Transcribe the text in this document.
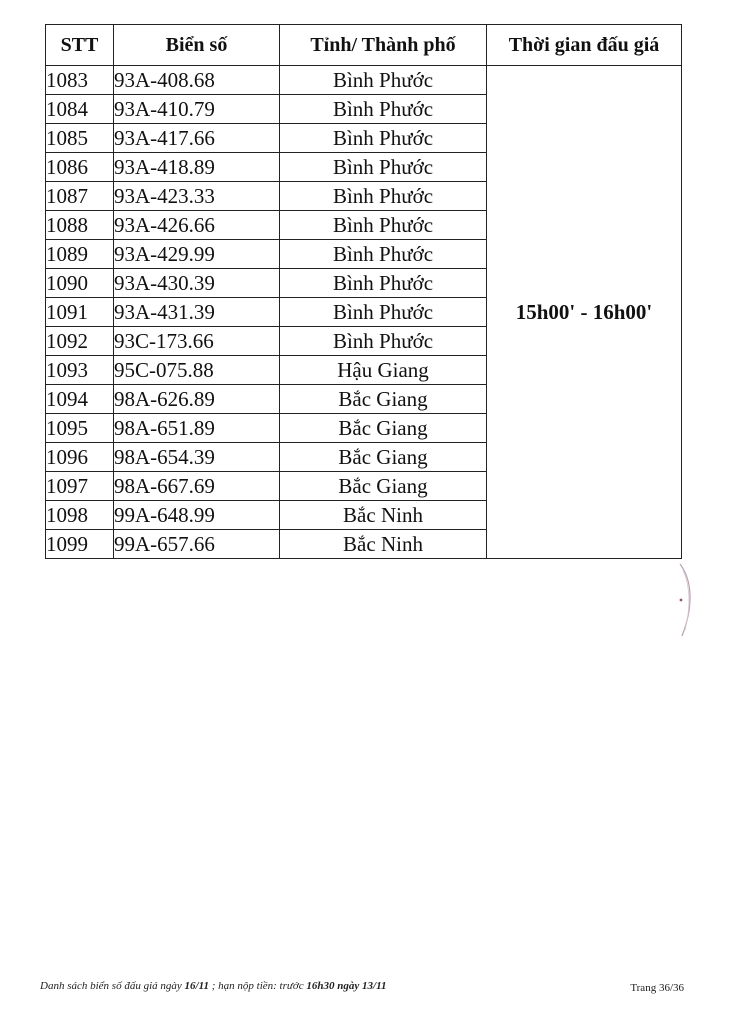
STT	Biển số	Tỉnh/ Thành phố	Thời gian đấu giá
1083	93A-408.68	Bình Phước	15h00' - 16h00'
1084	93A-410.79	Bình Phước	
1085	93A-417.66	Bình Phước	
1086	93A-418.89	Bình Phước	
1087	93A-423.33	Bình Phước	
1088	93A-426.66	Bình Phước	
1089	93A-429.99	Bình Phước	
1090	93A-430.39	Bình Phước	
1091	93A-431.39	Bình Phước	
1092	93C-173.66	Bình Phước	
1093	95C-075.88	Hậu Giang	
1094	98A-626.89	Bắc Giang	
1095	98A-651.89	Bắc Giang	
1096	98A-654.39	Bắc Giang	
1097	98A-667.69	Bắc Giang	
1098	99A-648.99	Bắc Ninh	
1099	99A-657.66	Bắc Ninh	
Danh sách biển số đấu giá ngày 16/11 ; hạn nộp tiền: trước 16h30 ngày 13/11	Trang 36/36
